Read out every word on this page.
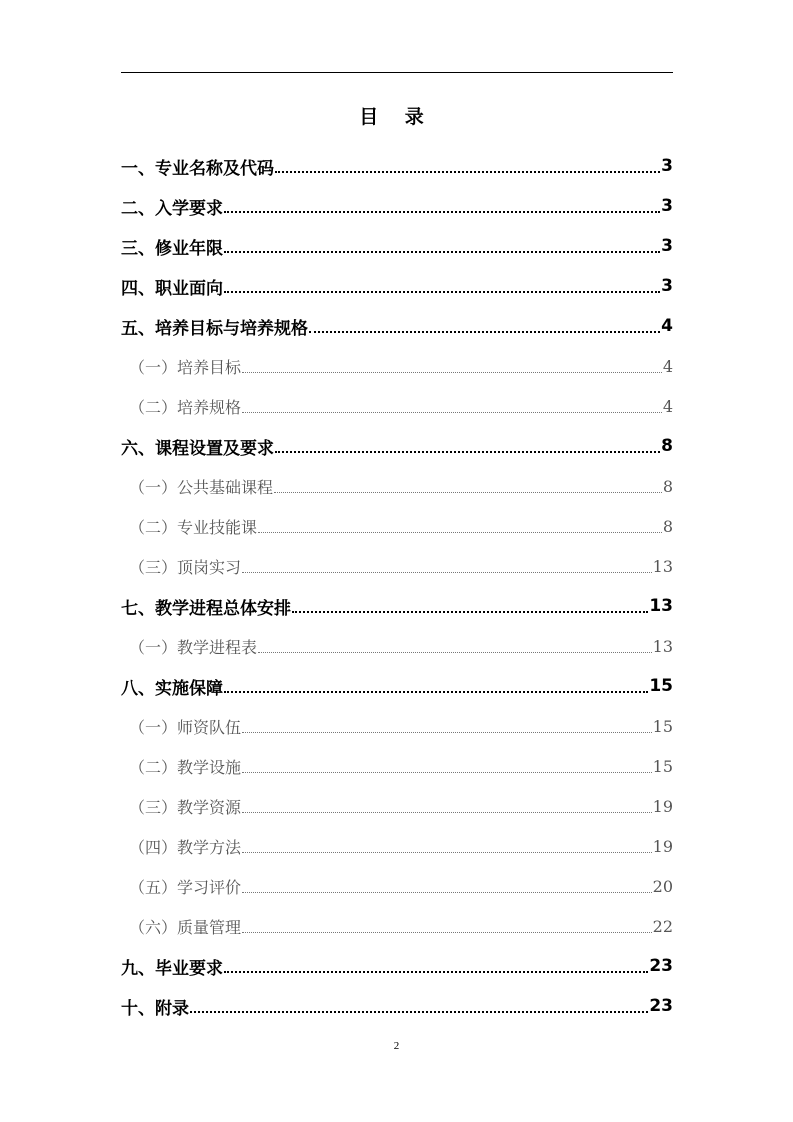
目 录
一、专业名称及代码	3
二、入学要求	3
三、修业年限	3
四、职业面向	3
五、培养目标与培养规格	4
（一）培养目标	4
（二）培养规格	4
六、课程设置及要求	8
（一）公共基础课程	8
（二）专业技能课	8
（三）顶岗实习	13
七、教学进程总体安排	13
（一）教学进程表	13
八、实施保障	15
（一）师资队伍	15
（二）教学设施	15
（三）教学资源	19
（四）教学方法	19
（五）学习评价	20
（六）质量管理	22
九、毕业要求	23
十、附录	23
2
